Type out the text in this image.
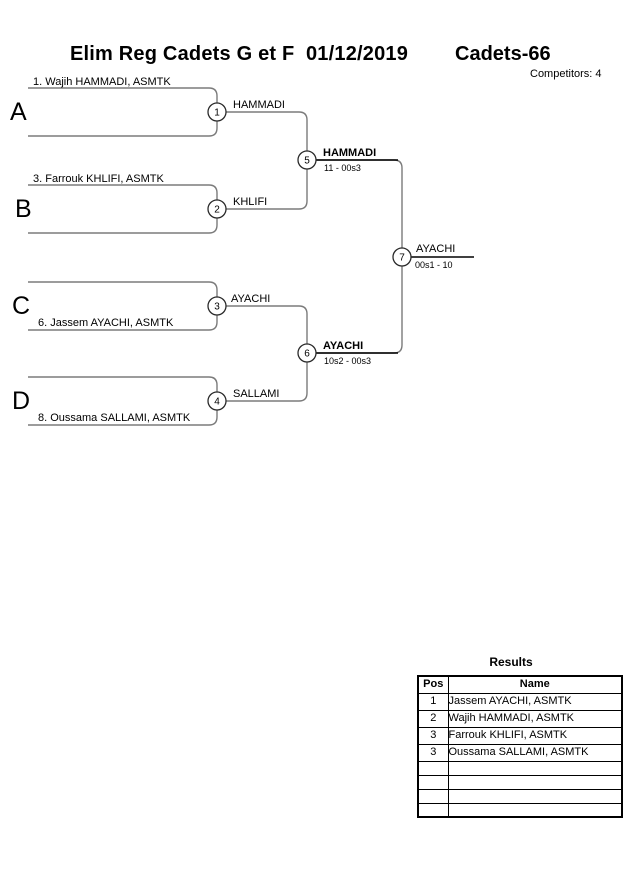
Elim Reg Cadets G et F  01/12/2019 Cadets-66
Competitors: 4
A
1. Wajih HAMMADI, ASMTK
B
3. Farrouk KHLIFI, ASMTK
C
6. Jassem AYACHI, ASMTK
D
8. Oussama SALLAMI, ASMTK
HAMMADI
KHLIFI
AYACHI
SALLAMI
HAMMADI
11 - 00s3
AYACHI
10s2 - 00s3
AYACHI
00s1 - 10
1
2
3
4
5
6
7
Results
Pos	Name
1	Jassem AYACHI, ASMTK
2	Wajih HAMMADI, ASMTK
3	Farrouk KHLIFI, ASMTK
3	Oussama SALLAMI, ASMTK
